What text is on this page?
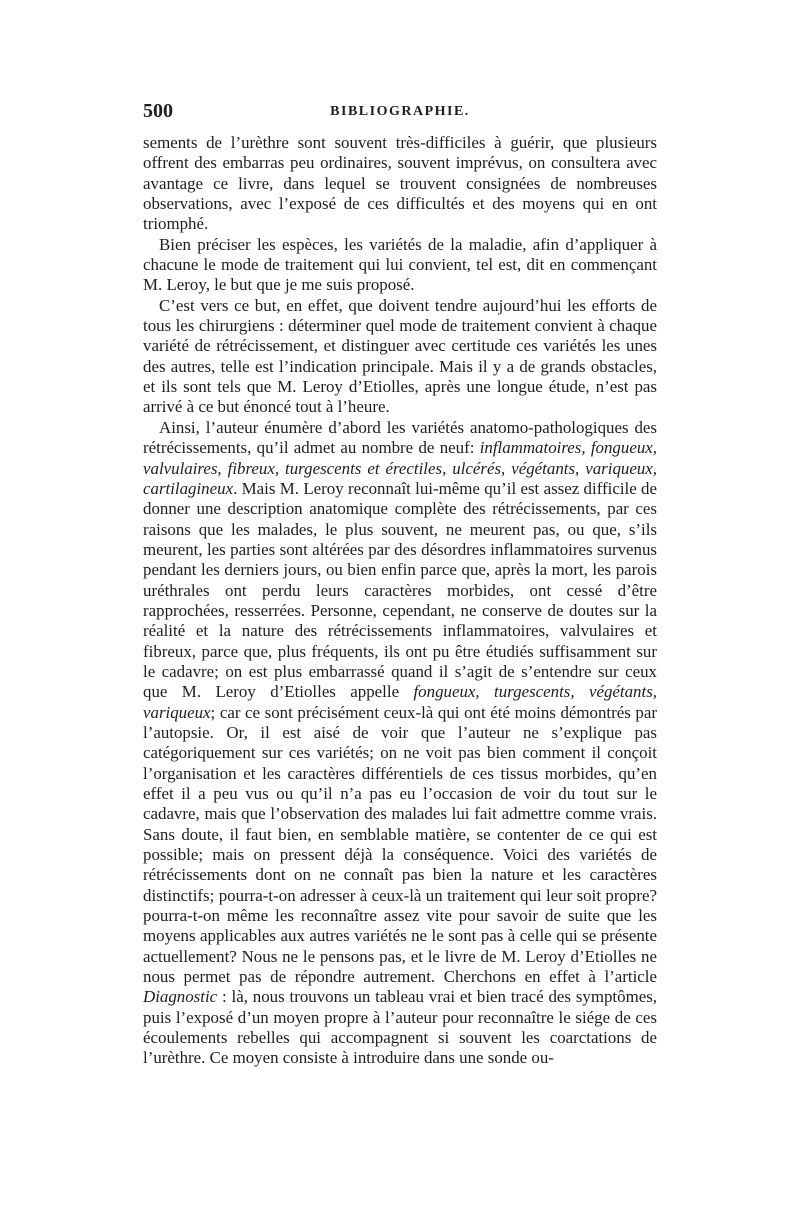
500	BIBLIOGRAPHIE.

sements de l’urèthre sont souvent très-difficiles à guérir, que plusieurs offrent des embarras peu ordinaires, souvent imprévus, on consultera avec avantage ce livre, dans lequel se trouvent consignées de nombreuses observations, avec l’exposé de ces difficultés et des moyens qui en ont triomphé.

Bien préciser les espèces, les variétés de la maladie, afin d’appliquer à chacune le mode de traitement qui lui convient, tel est, dit en commençant M. Leroy, le but que je me suis proposé.

C’est vers ce but, en effet, que doivent tendre aujourd’hui les efforts de tous les chirurgiens : déterminer quel mode de traitement convient à chaque variété de rétrécissement, et distinguer avec certitude ces variétés les unes des autres, telle est l’indication principale. Mais il y a de grands obstacles, et ils sont tels que M. Leroy d’Etiolles, après une longue étude, n’est pas arrivé à ce but énoncé tout à l’heure.

Ainsi, l’auteur énumère d’abord les variétés anatomo-pathologiques des rétrécissements, qu’il admet au nombre de neuf: inflammatoires, fongueux, valvulaires, fibreux, turgescents et érectiles, ulcérés, végétants, variqueux, cartilagineux. Mais M. Leroy reconnaît lui-même qu’il est assez difficile de donner une description anatomique complète des rétrécissements, par ces raisons que les malades, le plus souvent, ne meurent pas, ou que, s’ils meurent, les parties sont altérées par des désordres inflammatoires survenus pendant les derniers jours, ou bien enfin parce que, après la mort, les parois uréthrales ont perdu leurs caractères morbides, ont cessé d’être rapprochées, resserrées. Personne, cependant, ne conserve de doutes sur la réalité et la nature des rétrécissements inflammatoires, valvulaires et fibreux, parce que, plus fréquents, ils ont pu être étudiés suffisamment sur le cadavre; on est plus embarrassé quand il s’agit de s’entendre sur ceux que M. Leroy d’Etiolles appelle fongueux, turgescents, végétants, variqueux; car ce sont précisément ceux-là qui ont été moins démontrés par l’autopsie. Or, il est aisé de voir que l’auteur ne s’explique pas catégoriquement sur ces variétés; on ne voit pas bien comment il conçoit l’organisation et les caractères différentiels de ces tissus morbides, qu’en effet il a peu vus ou qu’il n’a pas eu l’occasion de voir du tout sur le cadavre, mais que l’observation des malades lui fait admettre comme vrais. Sans doute, il faut bien, en semblable matière, se contenter de ce qui est possible; mais on pressent déjà la conséquence. Voici des variétés de rétrécissements dont on ne connaît pas bien la nature et les caractères distinctifs; pourra-t-on adresser à ceux-là un traitement qui leur soit propre? pourra-t-on même les reconnaître assez vite pour savoir de suite que les moyens applicables aux autres variétés ne le sont pas à celle qui se présente actuellement? Nous ne le pensons pas, et le livre de M. Leroy d’Etiolles ne nous permet pas de répondre autrement. Cherchons en effet à l’article Diagnostic : là, nous trouvons un tableau vrai et bien tracé des symptômes, puis l’exposé d’un moyen propre à l’auteur pour reconnaître le siége de ces écoulements rebelles qui accompagnent si souvent les coarctations de l’urèthre. Ce moyen consiste à introduire dans une sonde ou-
